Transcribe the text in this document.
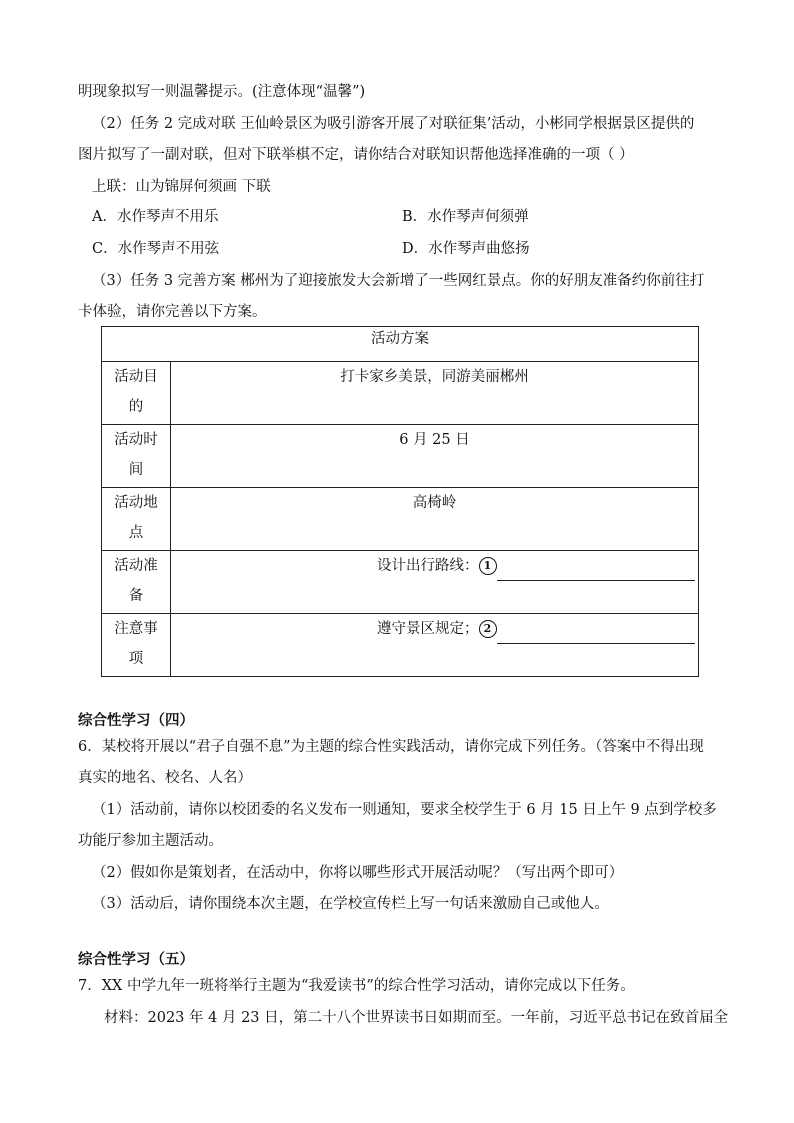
明现象拟写一则温馨提示。(注意体现“温馨”)
（2）任务 2 完成对联 王仙岭景区为吸引游客开展了对联征集’活动，小彬同学根据景区提供的
图片拟写了一副对联，但对下联举棋不定，请你结合对联知识帮他选择准确的一项（ ）
上联：山为锦屏何须画 下联
A．水作琴声不用乐	B．水作琴声何须弹
C．水作琴声不用弦	D．水作琴声曲悠扬
（3）任务 3 完善方案 郴州为了迎接旅发大会新增了一些网红景点。你的好朋友准备约你前往打
卡体验，请你完善以下方案。
活动方案	
活动目
的	打卡家乡美景，同游美丽郴州
活动时
间	6 月 25 日
活动地
点	高椅岭
活动准
备	设计出行路线： 1
注意事
项	遵守景区规定； 2
综合性学习（四）
6．某校将开展以“君子自强不息”为主题的综合性实践活动，请你完成下列任务。（答案中不得出现
真实的地名、校名、人名）
（1）活动前，请你以校团委的名义发布一则通知，要求全校学生于 6 月 15 日上午 9 点到学校多
功能厅参加主题活动。
（2）假如你是策划者，在活动中，你将以哪些形式开展活动呢？（写出两个即可）
（3）活动后，请你围绕本次主题，在学校宣传栏上写一句话来激励自己或他人。
综合性学习（五）
7．XX 中学九年一班将举行主题为“我爱读书”的综合性学习活动，请你完成以下任务。
材料：2023 年 4 月 23 日，第二十八个世界读书日如期而至。一年前，习近平总书记在致首届全
